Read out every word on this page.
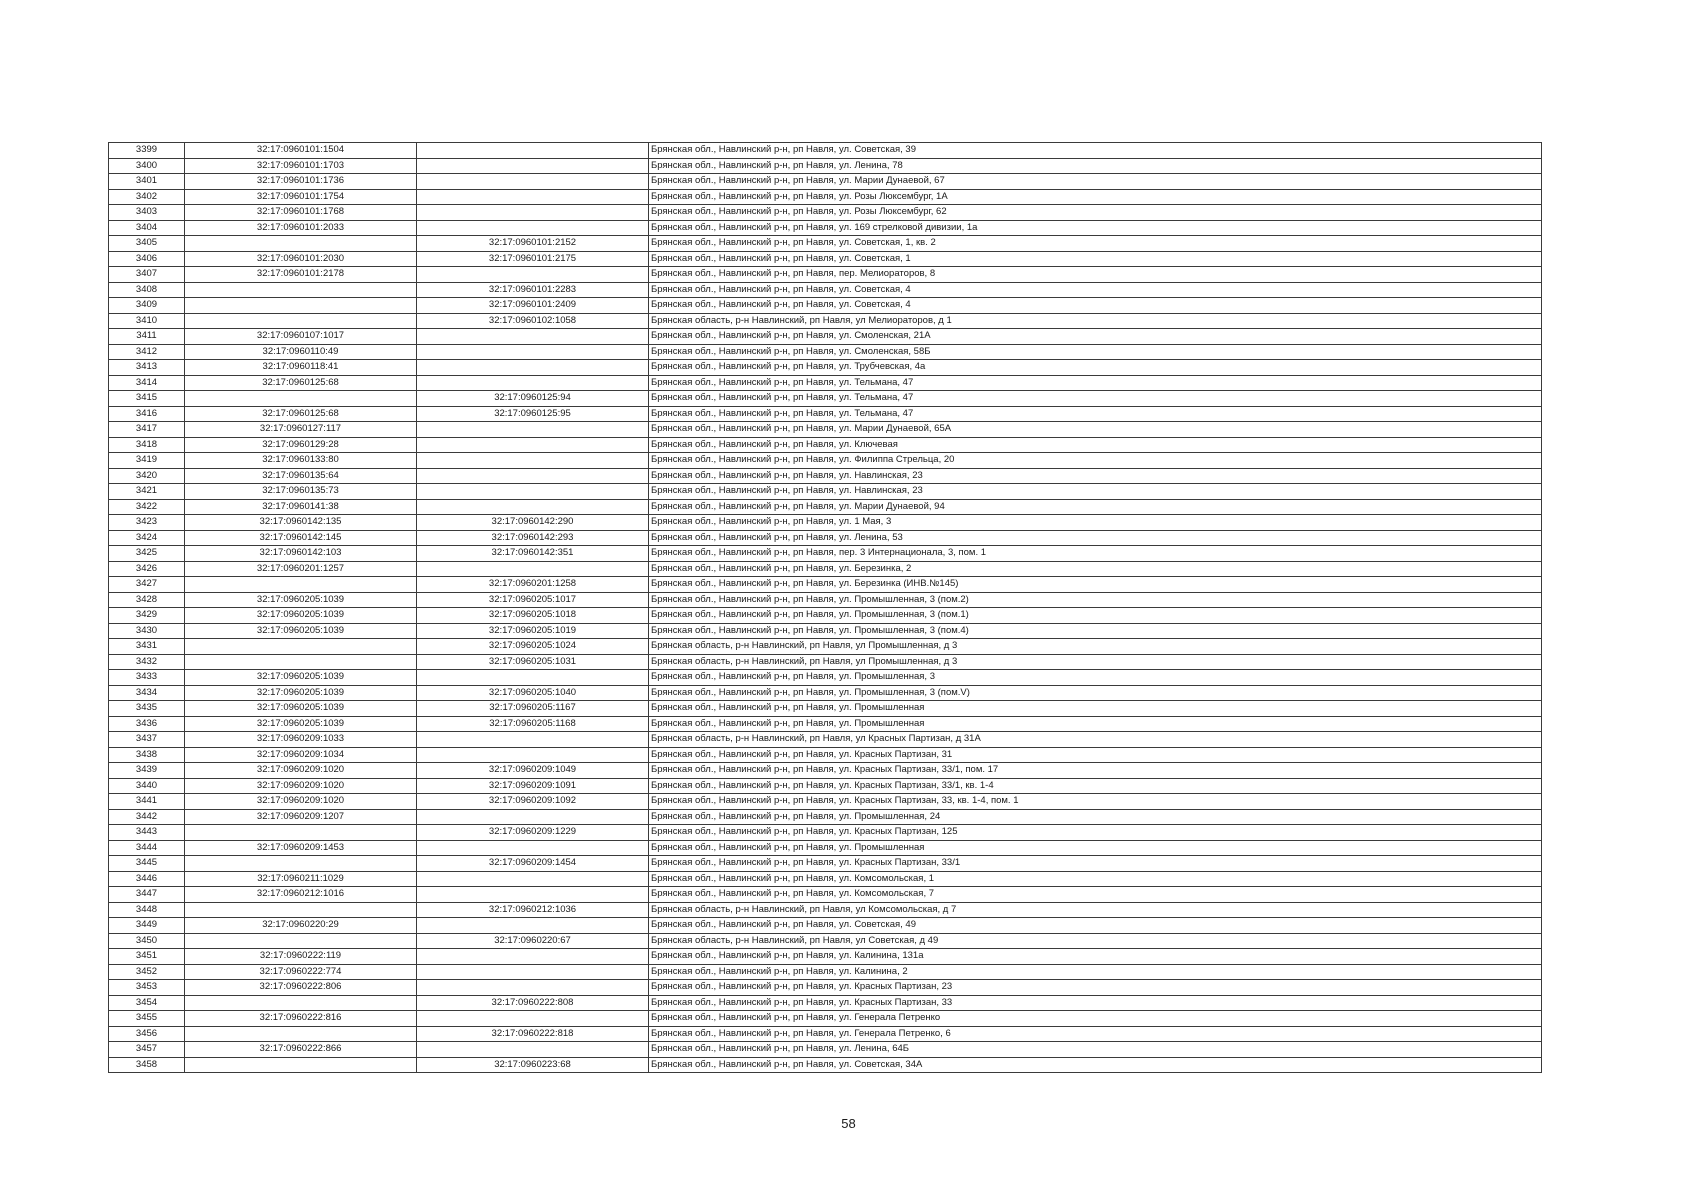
3399	32:17:0960101:1504		Брянская обл., Навлинский р-н, рп Навля, ул. Советская, 39
3400	32:17:0960101:1703		Брянская обл., Навлинский р-н, рп Навля, ул. Ленина, 78
3401	32:17:0960101:1736		Брянская обл., Навлинский р-н, рп Навля, ул. Марии Дунаевой, 67
3402	32:17:0960101:1754		Брянская обл., Навлинский р-н, рп Навля, ул. Розы Люксембург, 1А
3403	32:17:0960101:1768		Брянская обл., Навлинский р-н, рп Навля, ул. Розы Люксембург, 62
3404	32:17:0960101:2033		Брянская обл., Навлинский р-н, рп Навля, ул. 169 стрелковой дивизии, 1а
3405		32:17:0960101:2152	Брянская обл., Навлинский р-н, рп Навля, ул. Советская, 1, кв. 2
3406	32:17:0960101:2030	32:17:0960101:2175	Брянская обл., Навлинский р-н, рп Навля, ул. Советская, 1
3407	32:17:0960101:2178		Брянская обл., Навлинский р-н, рп Навля, пер. Мелиораторов, 8
3408		32:17:0960101:2283	Брянская обл., Навлинский р-н, рп Навля, ул. Советская, 4
3409		32:17:0960101:2409	Брянская обл., Навлинский р-н, рп Навля, ул. Советская, 4
3410		32:17:0960102:1058	Брянская область, р-н Навлинский, рп Навля, ул Мелиораторов, д 1
3411	32:17:0960107:1017		Брянская обл., Навлинский р-н, рп Навля, ул. Смоленская, 21А
3412	32:17:0960110:49		Брянская обл., Навлинский р-н, рп Навля, ул. Смоленская, 58Б
3413	32:17:0960118:41		Брянская обл., Навлинский р-н, рп Навля, ул. Трубчевская, 4а
3414	32:17:0960125:68		Брянская обл., Навлинский р-н, рп Навля, ул. Тельмана, 47
3415		32:17:0960125:94	Брянская обл., Навлинский р-н, рп Навля, ул. Тельмана, 47
3416	32:17:0960125:68	32:17:0960125:95	Брянская обл., Навлинский р-н, рп Навля, ул. Тельмана, 47
3417	32:17:0960127:117		Брянская обл., Навлинский р-н, рп Навля, ул. Марии Дунаевой, 65А
3418	32:17:0960129:28		Брянская обл., Навлинский р-н, рп Навля, ул. Ключевая
3419	32:17:0960133:80		Брянская обл., Навлинский р-н, рп Навля, ул. Филиппа Стрельца, 20
3420	32:17:0960135:64		Брянская обл., Навлинский р-н, рп Навля, ул. Навлинская, 23
3421	32:17:0960135:73		Брянская обл., Навлинский р-н, рп Навля, ул. Навлинская, 23
3422	32:17:0960141:38		Брянская обл., Навлинский р-н, рп Навля, ул. Марии Дунаевой, 94
3423	32:17:0960142:135	32:17:0960142:290	Брянская обл., Навлинский р-н, рп Навля, ул. 1 Мая, 3
3424	32:17:0960142:145	32:17:0960142:293	Брянская обл., Навлинский р-н, рп Навля, ул. Ленина, 53
3425	32:17:0960142:103	32:17:0960142:351	Брянская обл., Навлинский р-н, рп Навля, пер. 3 Интернационала, 3, пом. 1
3426	32:17:0960201:1257		Брянская обл., Навлинский р-н, рп Навля, ул. Березинка, 2
3427		32:17:0960201:1258	Брянская обл., Навлинский р-н, рп Навля, ул. Березинка (ИНВ.№145)
3428	32:17:0960205:1039	32:17:0960205:1017	Брянская обл., Навлинский р-н, рп Навля, ул. Промышленная, 3 (пом.2)
3429	32:17:0960205:1039	32:17:0960205:1018	Брянская обл., Навлинский р-н, рп Навля, ул. Промышленная, 3 (пом.1)
3430	32:17:0960205:1039	32:17:0960205:1019	Брянская обл., Навлинский р-н, рп Навля, ул. Промышленная, 3 (пом.4)
3431		32:17:0960205:1024	Брянская область, р-н Навлинский, рп Навля, ул Промышленная, д 3
3432		32:17:0960205:1031	Брянская область, р-н Навлинский, рп Навля, ул Промышленная, д 3
3433	32:17:0960205:1039		Брянская обл., Навлинский р-н, рп Навля, ул. Промышленная, 3
3434	32:17:0960205:1039	32:17:0960205:1040	Брянская обл., Навлинский р-н, рп Навля, ул. Промышленная, 3 (пом.V)
3435	32:17:0960205:1039	32:17:0960205:1167	Брянская обл., Навлинский р-н, рп Навля, ул. Промышленная
3436	32:17:0960205:1039	32:17:0960205:1168	Брянская обл., Навлинский р-н, рп Навля, ул. Промышленная
3437	32:17:0960209:1033		Брянская область, р-н Навлинский, рп Навля, ул Красных Партизан, д 31А
3438	32:17:0960209:1034		Брянская обл., Навлинский р-н, рп Навля, ул. Красных Партизан, 31
3439	32:17:0960209:1020	32:17:0960209:1049	Брянская обл., Навлинский р-н, рп Навля, ул. Красных Партизан, 33/1, пом. 17
3440	32:17:0960209:1020	32:17:0960209:1091	Брянская обл., Навлинский р-н, рп Навля, ул. Красных Партизан, 33/1, кв. 1-4
3441	32:17:0960209:1020	32:17:0960209:1092	Брянская обл., Навлинский р-н, рп Навля, ул. Красных Партизан, 33, кв. 1-4, пом. 1
3442	32:17:0960209:1207		Брянская обл., Навлинский р-н, рп Навля, ул. Промышленная, 24
3443		32:17:0960209:1229	Брянская обл., Навлинский р-н, рп Навля, ул. Красных Партизан, 125
3444	32:17:0960209:1453		Брянская обл., Навлинский р-н, рп Навля, ул. Промышленная
3445		32:17:0960209:1454	Брянская обл., Навлинский р-н, рп Навля, ул. Красных Партизан, 33/1
3446	32:17:0960211:1029		Брянская обл., Навлинский р-н, рп Навля, ул. Комсомольская, 1
3447	32:17:0960212:1016		Брянская обл., Навлинский р-н, рп Навля, ул. Комсомольская, 7
3448		32:17:0960212:1036	Брянская область, р-н Навлинский, рп Навля, ул Комсомольская, д 7
3449	32:17:0960220:29		Брянская обл., Навлинский р-н, рп Навля, ул. Советская, 49
3450		32:17:0960220:67	Брянская область, р-н Навлинский, рп Навля, ул Советская, д 49
3451	32:17:0960222:119		Брянская обл., Навлинский р-н, рп Навля, ул. Калинина, 131а
3452	32:17:0960222:774		Брянская обл., Навлинский р-н, рп Навля, ул. Калинина, 2
3453	32:17:0960222:806		Брянская обл., Навлинский р-н, рп Навля, ул. Красных Партизан, 23
3454		32:17:0960222:808	Брянская обл., Навлинский р-н, рп Навля, ул. Красных Партизан, 33
3455	32:17:0960222:816		Брянская обл., Навлинский р-н, рп Навля, ул. Генерала Петренко
3456		32:17:0960222:818	Брянская обл., Навлинский р-н, рп Навля, ул. Генерала Петренко, 6
3457	32:17:0960222:866		Брянская обл., Навлинский р-н, рп Навля, ул. Ленина, 64Б
3458		32:17:0960223:68	Брянская обл., Навлинский р-н, рп Навля, ул. Советская, 34А
58
